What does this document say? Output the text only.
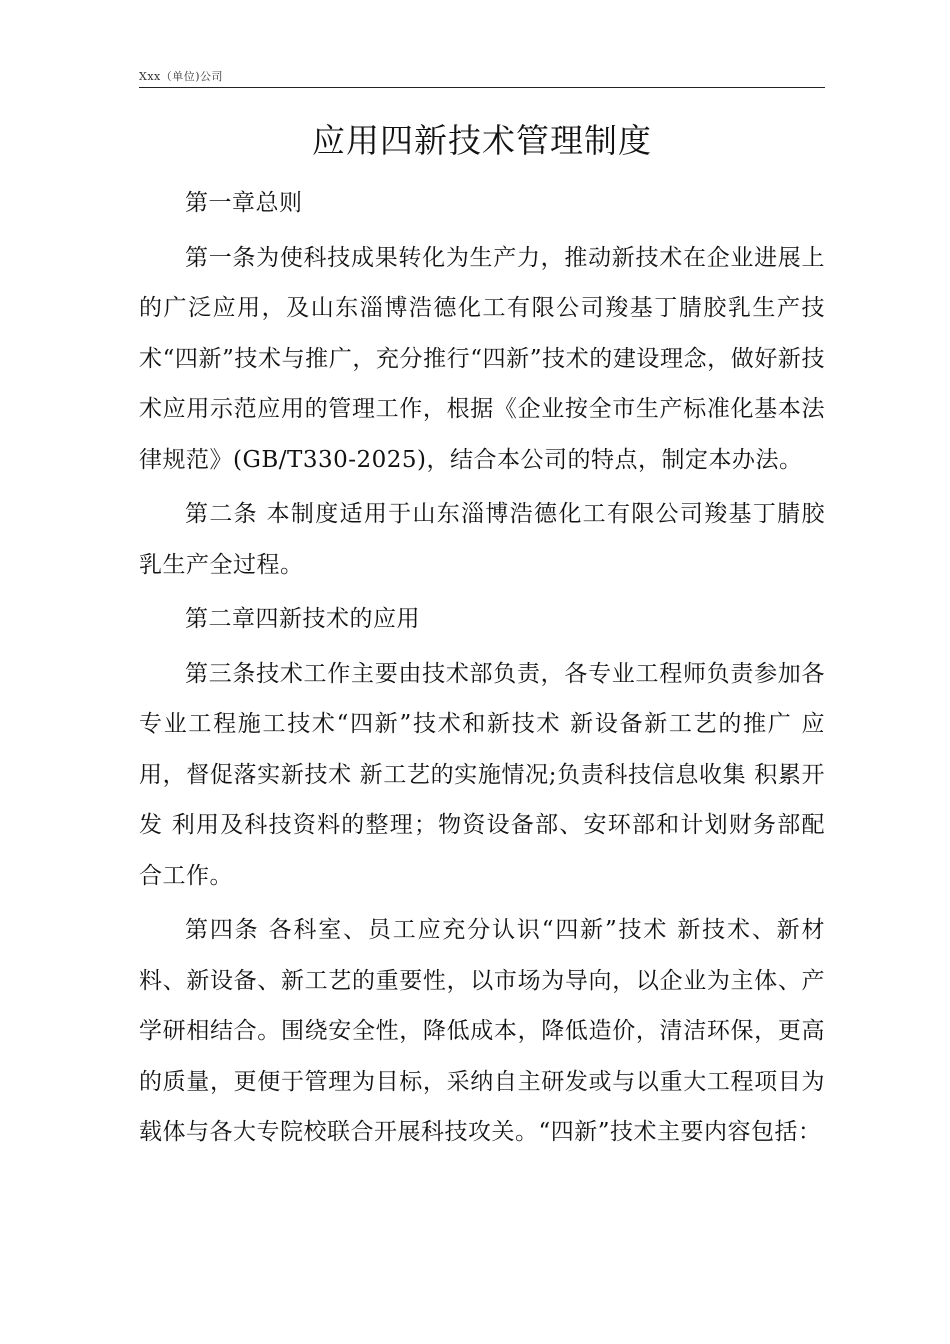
Xxx（单位)公司
应用四新技术管理制度

第一章总则

第一条为使科技成果转化为生产力，推动新技术在企业进展上的广泛应用，及山东淄博浩德化工有限公司羧基丁腈胶乳生产技术“四新”技术与推广，充分推行“四新”技术的建设理念，做好新技术应用示范应用的管理工作，根据《企业按全市生产标准化基本法律规范》(GB/T330-2025)，结合本公司的特点，制定本办法。

第二条 本制度适用于山东淄博浩德化工有限公司羧基丁腈胶乳生产全过程。

第二章四新技术的应用

第三条技术工作主要由技术部负责，各专业工程师负责参加各专业工程施工技术“四新”技术和新技术 新设备新工艺的推广 应用，督促落实新技术 新工艺的实施情况;负责科技信息收集 积累开发 利用及科技资料的整理；物资设备部、安环部和计划财务部配合工作。

第四条 各科室、员工应充分认识“四新”技术 新技术、新材料、新设备、新工艺的重要性，以市场为导向，以企业为主体、产学研相结合。围绕安全性，降低成本，降低造价，清洁环保，更高的质量，更便于管理为目标，采纳自主研发或与以重大工程项目为载体与各大专院校联合开展科技攻关。“四新”技术主要内容包括：
